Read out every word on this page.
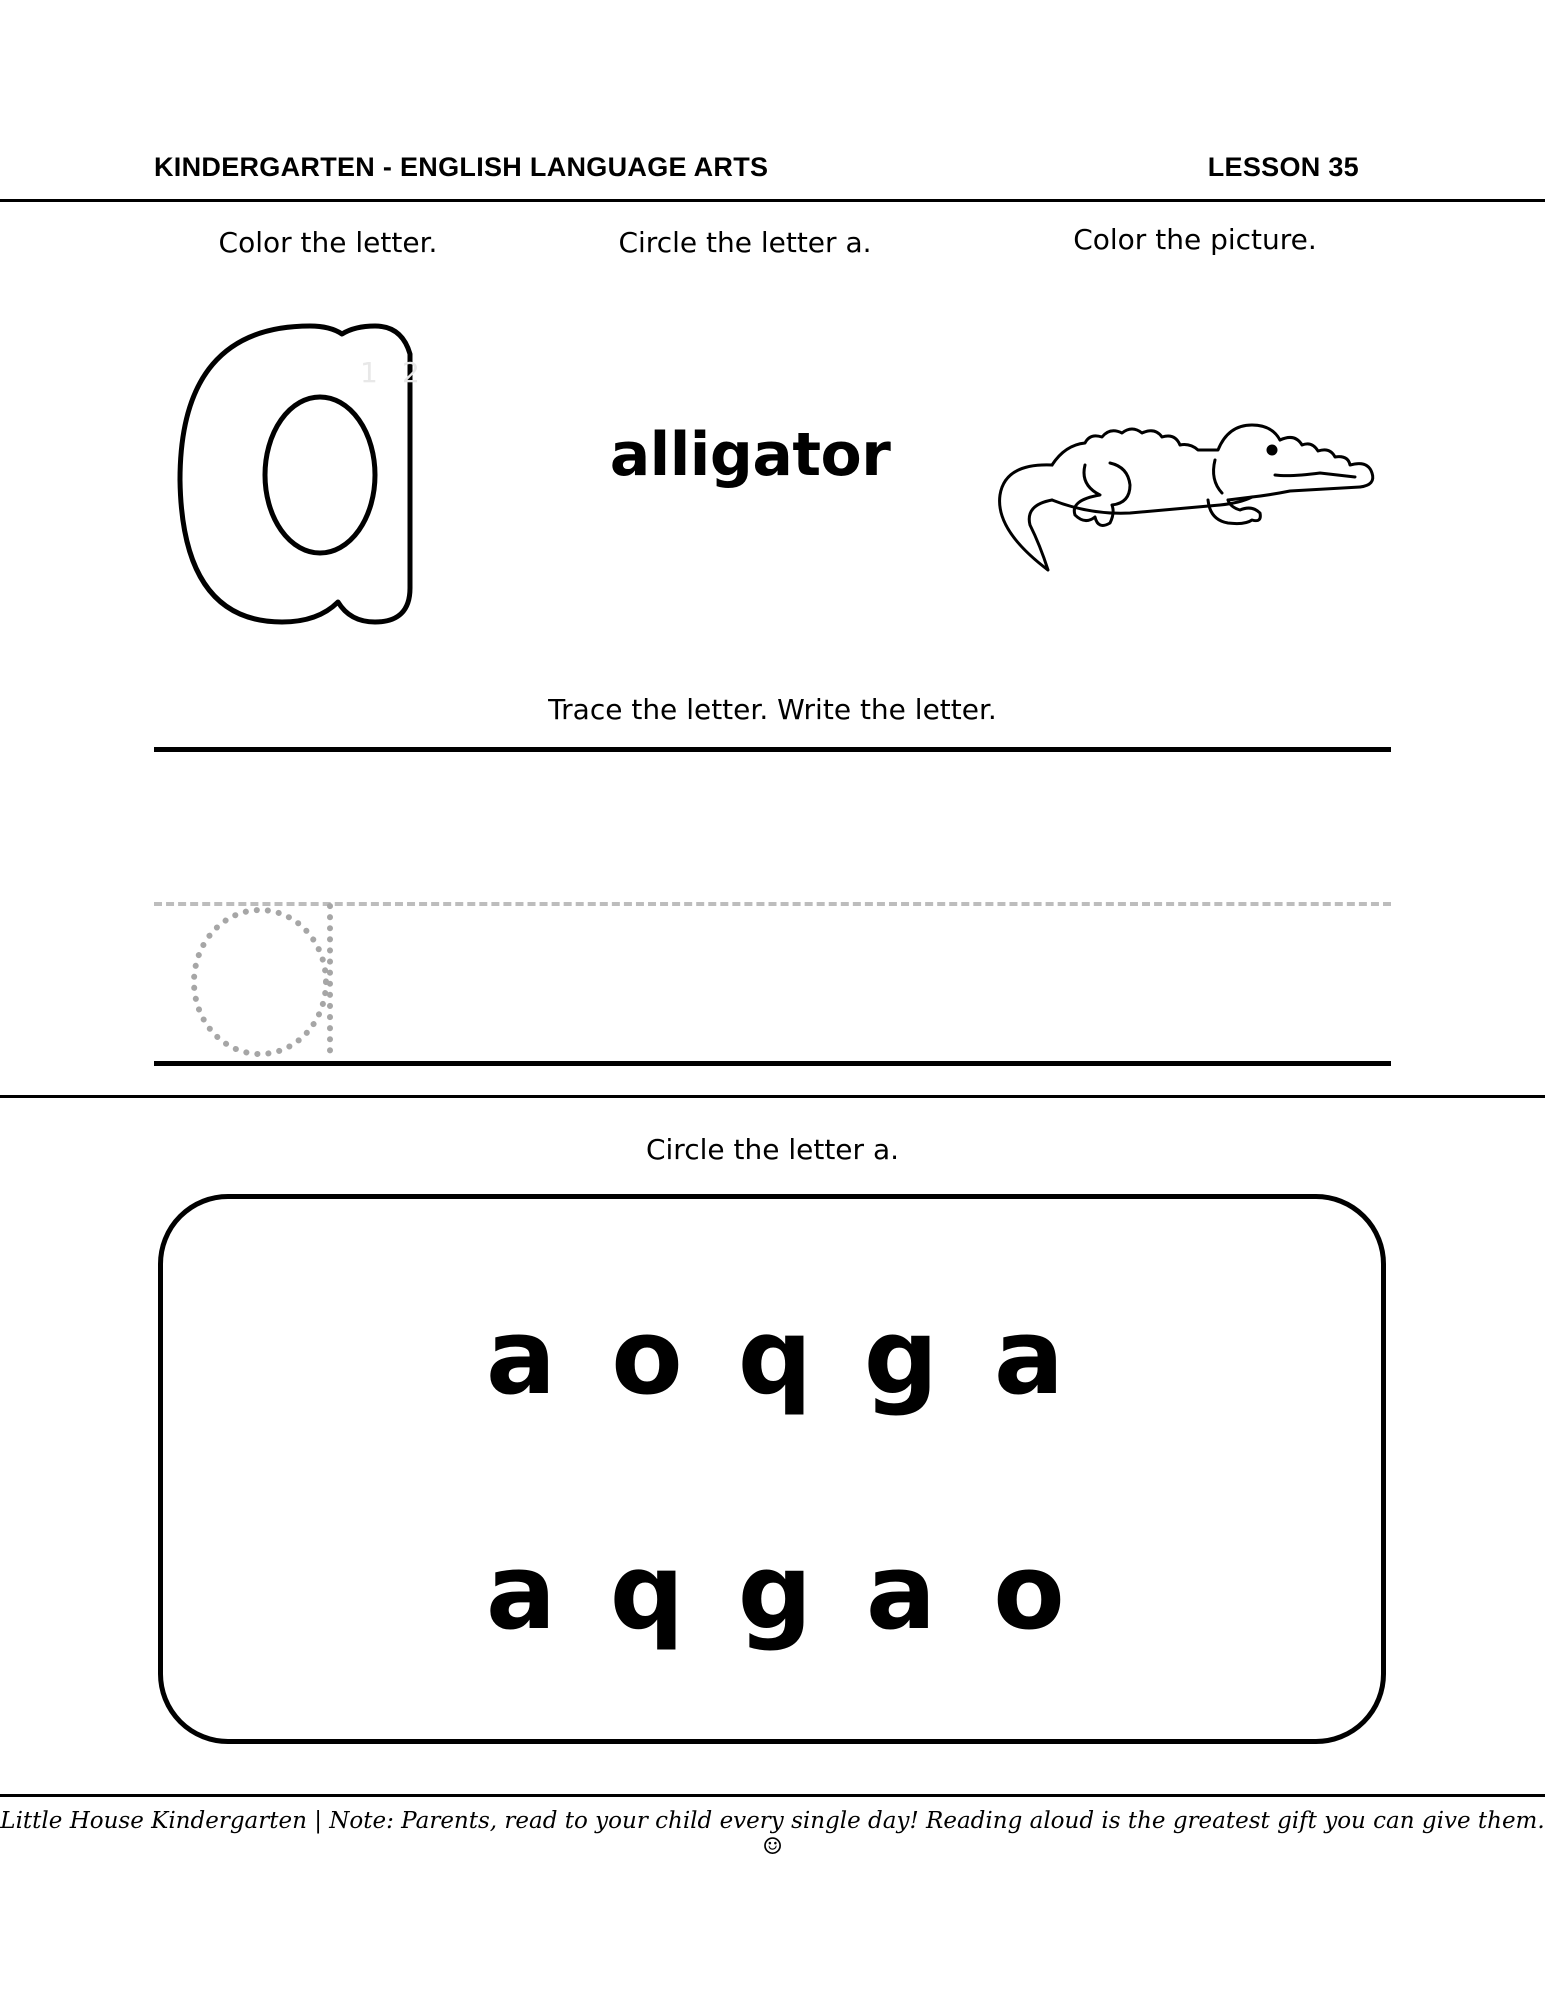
KINDERGARTEN - ENGLISH LANGUAGE ARTS	LESSON 35
Color the letter.	Circle the letter a.	Color the picture.
1 2
alligator
Trace the letter. Write the letter.
Circle the letter a.
a o q g a
a q g a o
Little House Kindergarten | Note: Parents, read to your child every single day! Reading aloud is the greatest gift you can give them. ☺
